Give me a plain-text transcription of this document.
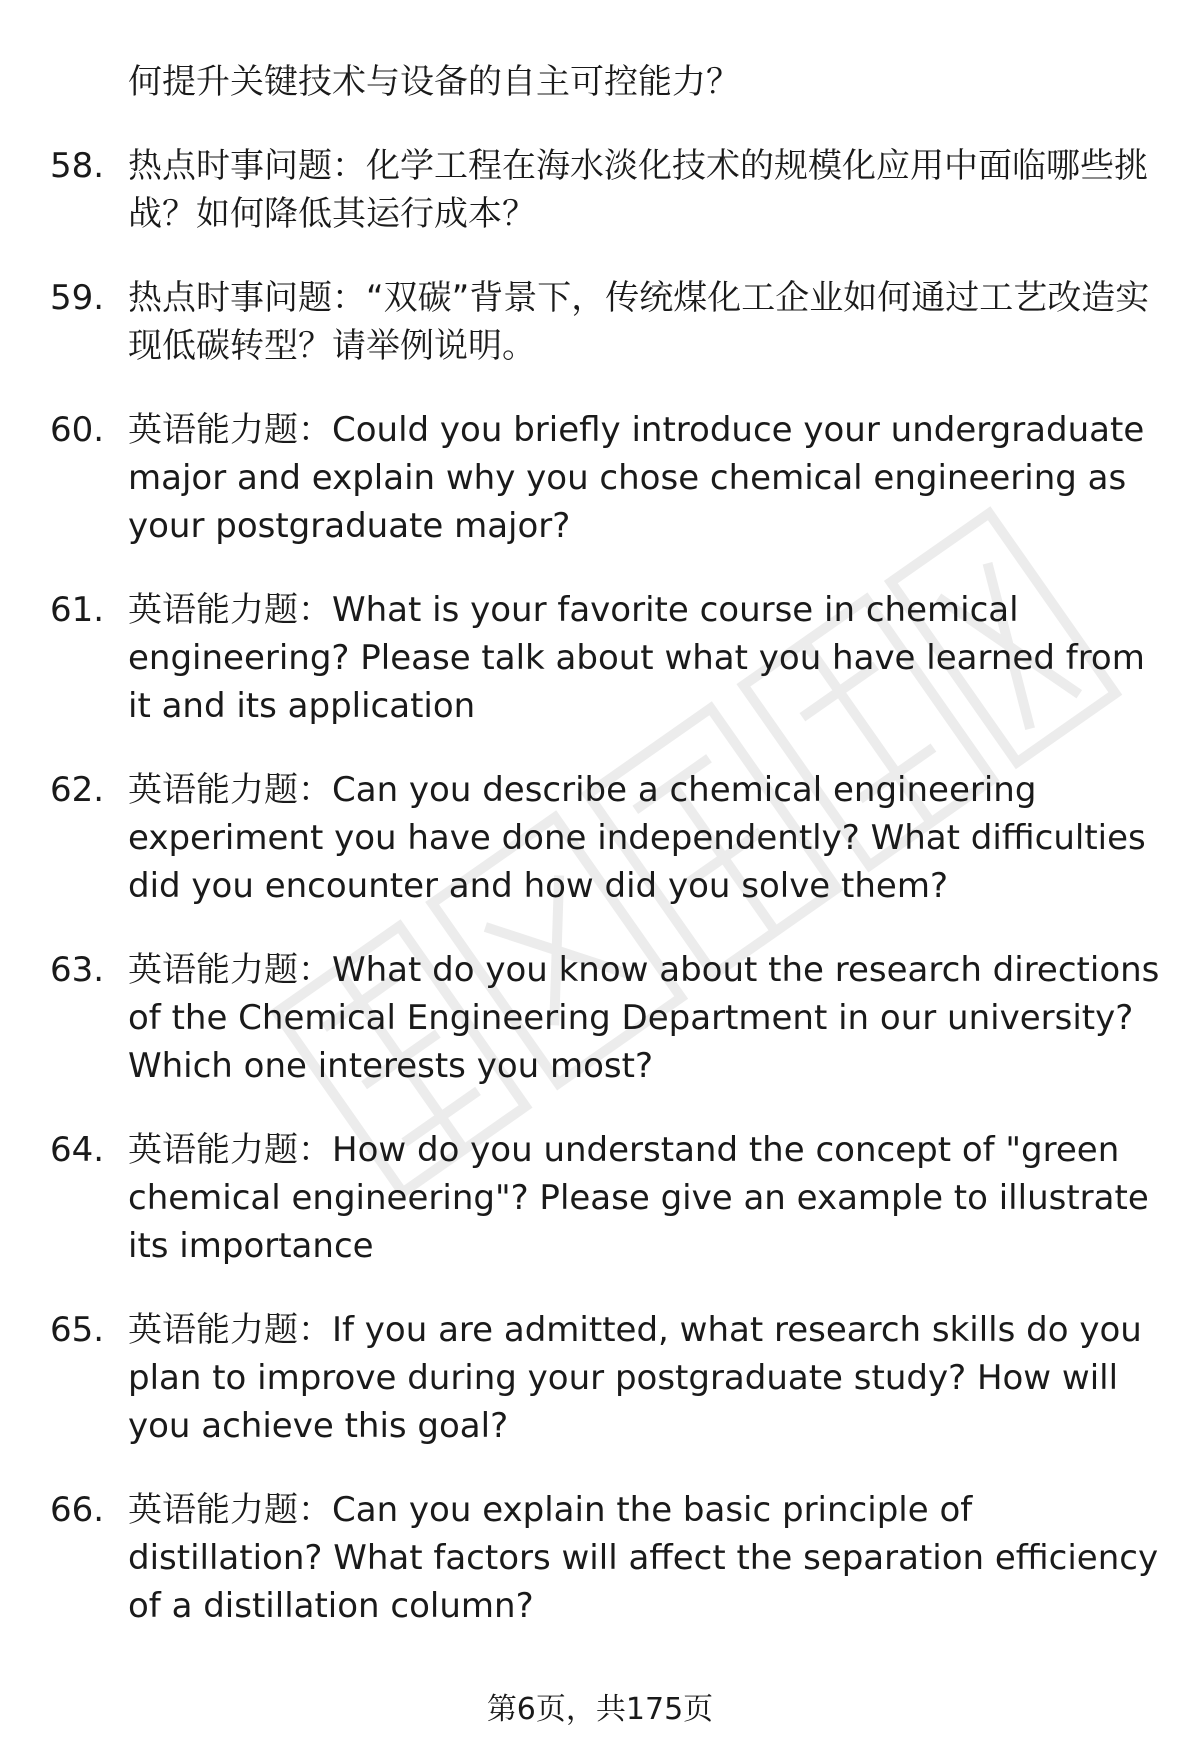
何提升关键技术与设备的自主可控能力？
58. 热点时事问题：化学工程在海水淡化技术的规模化应用中面临哪些挑战？如何降低其运行成本？
59. 热点时事问题：“双碳”背景下，传统煤化工企业如何通过工艺改造实现低碳转型？请举例说明。
60. 英语能力题：Could you briefly introduce your undergraduate major and explain why you chose chemical engineering as your postgraduate major?
61. 英语能力题：What is your favorite course in chemical engineering? Please talk about what you have learned from it and its application
62. 英语能力题：Can you describe a chemical engineering experiment you have done independently? What difficulties did you encounter and how did you solve them?
63. 英语能力题：What do you know about the research directions of the Chemical Engineering Department in our university? Which one interests you most?
64. 英语能力题：How do you understand the concept of "green chemical engineering"? Please give an example to illustrate its importance
65. 英语能力题：If you are admitted, what research skills do you plan to improve during your postgraduate study? How will you achieve this goal?
66. 英语能力题：Can you explain the basic principle of distillation? What factors will affect the separation efficiency of a distillation column?
第6页，共175页
